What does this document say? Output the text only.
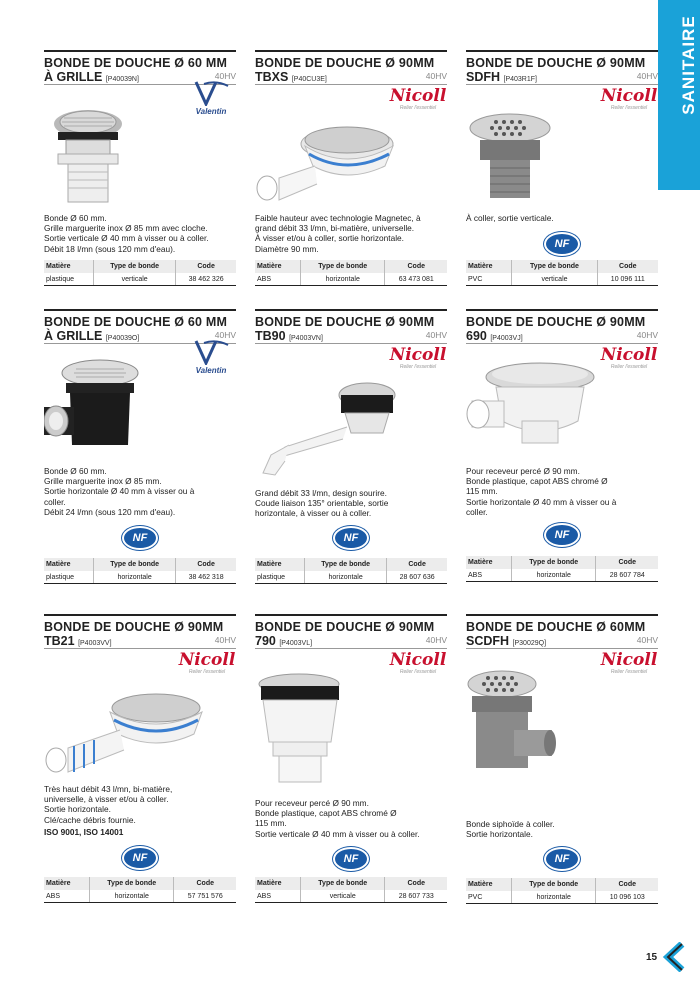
SANITAIRE
BONDE DE DOUCHE Ø 60 MM
À GRILLE [P40039N]	40HV
Valentin
Bonde Ø 60 mm.
Grille marguerite inox Ø 85 mm avec cloche.
Sortie verticale Ø 40 mm à visser ou à coller.
Débit 18 l/mn (sous 120 mm d'eau).
Matière	Type de bonde	Code
plastique	verticale	38 462 326
BONDE DE DOUCHE Ø 90MM
TBXS [P40CU3E]	40HV
Nicoll
Relier l'essentiel
Faible hauteur avec technologie Magnetec, à
grand débit 33 l/mn, bi-matière, universelle.
À visser et/ou à coller, sortie horizontale.
Diamètre 90 mm.
Matière	Type de bonde	Code
ABS	horizontale	63 473 081
BONDE DE DOUCHE Ø 90MM
SDFH [P403R1F]	40HV
Nicoll
Relier l'essentiel
À coller, sortie verticale.
NF
Matière	Type de bonde	Code
PVC	verticale	10 096 111
BONDE DE DOUCHE Ø 60 MM
À GRILLE [P40039O]	40HV
Valentin
Bonde Ø 60 mm.
Grille marguerite inox Ø 85 mm.
Sortie horizontale Ø 40 mm à visser ou à
coller.
Débit 24 l/mn (sous 120 mm d'eau).
NF
Matière	Type de bonde	Code
plastique	horizontale	38 462 318
BONDE DE DOUCHE Ø 90MM
TB90 [P4003VN]	40HV
Nicoll
Relier l'essentiel
Grand débit 33 l/mn, design sourire.
Coude liaison 135° orientable, sortie
horizontale, à visser ou à coller.
NF
Matière	Type de bonde	Code
plastique	horizontale	28 607 636
BONDE DE DOUCHE Ø 90MM
690 [P4003VJ]	40HV
Nicoll
Relier l'essentiel
Pour receveur percé Ø 90 mm.
Bonde plastique, capot ABS chromé Ø
115 mm.
Sortie horizontale Ø 40 mm à visser ou à
coller.
NF
Matière	Type de bonde	Code
ABS	horizontale	28 607 784
BONDE DE DOUCHE Ø 90MM
TB21 [P4003VV]	40HV
Nicoll
Relier l'essentiel
Très haut débit 43 l/mn, bi-matière,
universelle, à visser et/ou à coller.
Sortie horizontale.
Clé/cache débris fournie.
ISO 9001, ISO 14001
NF
Matière	Type de bonde	Code
ABS	horizontale	57 751 576
BONDE DE DOUCHE Ø 90MM
790 [P4003VL]	40HV
Nicoll
Relier l'essentiel
Pour receveur percé Ø 90 mm.
Bonde plastique, capot ABS chromé Ø
115 mm.
Sortie verticale Ø 40 mm à visser ou à coller.
NF
Matière	Type de bonde	Code
ABS	verticale	28 607 733
BONDE DE DOUCHE Ø 60MM
SCDFH [P30029Q]	40HV
Nicoll
Relier l'essentiel
Bonde siphoïde à coller.
Sortie horizontale.
NF
Matière	Type de bonde	Code
PVC	horizontale	10 096 103
15
